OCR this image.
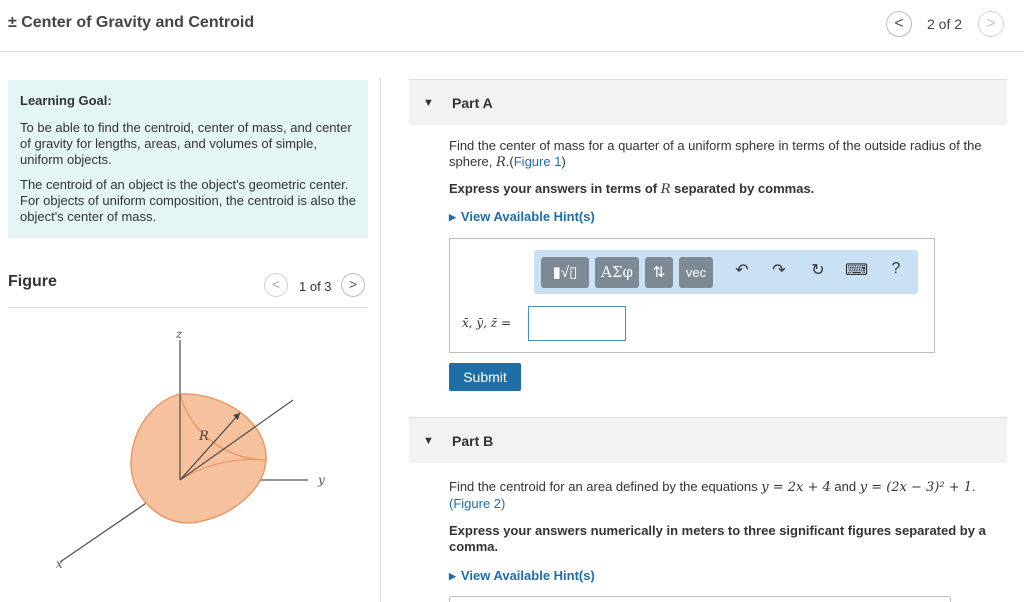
± Center of Gravity and Centroid	<	2 of 2	>
Learning Goal:

To be able to find the centroid, center of mass, and center of gravity for lengths, areas, and volumes of simple, uniform objects.

The centroid of an object is the object's geometric center. For objects of uniform composition, the centroid is also the object's center of mass.

Figure	<	1 of 3	>
z
y
x
R
▼ Part A
Find the center of mass for a quarter of a uniform sphere in terms of the outside radius of the sphere, R.(Figure 1)
Express your answers in terms of R separated by commas.
▶ View Available Hint(s)
▮√▯	ΑΣφ	⇅	vec	↶ ↷ ↻ ⌨	?
x̄, ȳ, z̄ =
Submit
▼ Part B
Find the centroid for an area defined by the equations y = 2x + 4 and y = (2x − 3)² + 1.
(Figure 2)
Express your answers numerically in meters to three significant figures separated by a comma.
▶ View Available Hint(s)
